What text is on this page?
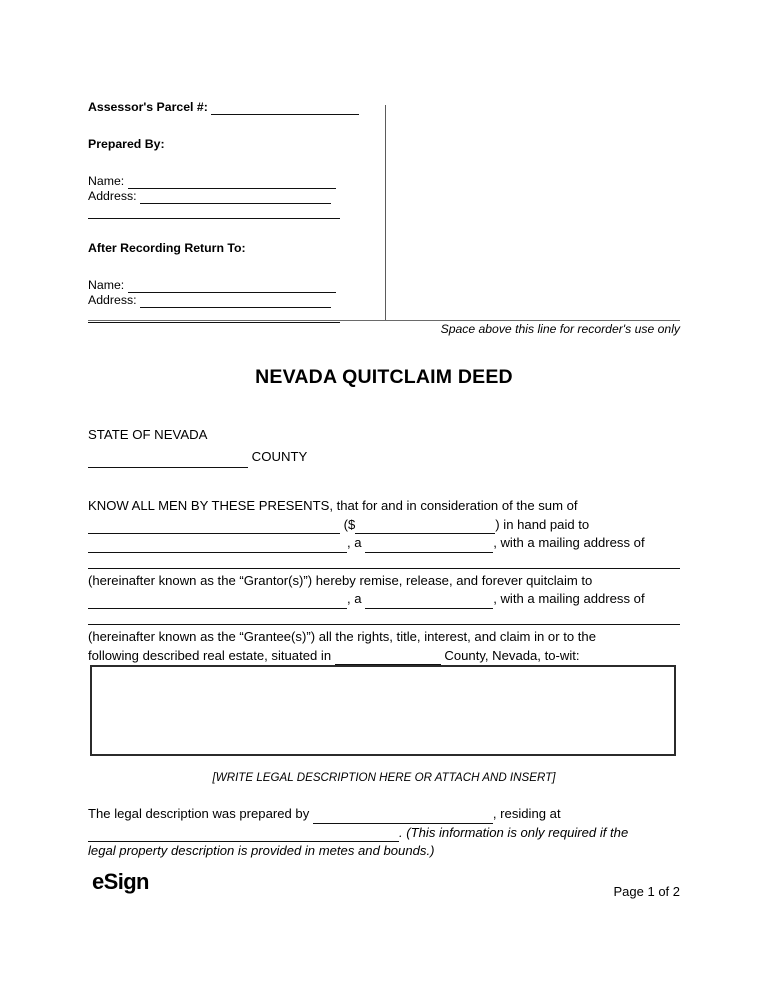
Assessor's Parcel #:
Prepared By:
Name:
Address:
After Recording Return To:
Name:
Address:
Space above this line for recorder's use only
NEVADA QUITCLAIM DEED
STATE OF NEVADA
COUNTY

KNOW ALL MEN BY THESE PRESENTS, that for and in consideration of the sum of

($	) in hand paid to

, a	, with a mailing address of

(hereinafter known as the “Grantor(s)”) hereby remise, release, and forever quitclaim to

, a	, with a mailing address of

(hereinafter known as the “Grantee(s)”) all the rights, title, interest, and claim in or to the

following described real estate, situated in	County, Nevada, to-wit:

[WRITE LEGAL DESCRIPTION HERE OR ATTACH AND INSERT]

The legal description was prepared by	, residing at

. (This information is only required if the

legal property description is provided in metes and bounds.)

eSign	Page 1 of 2
